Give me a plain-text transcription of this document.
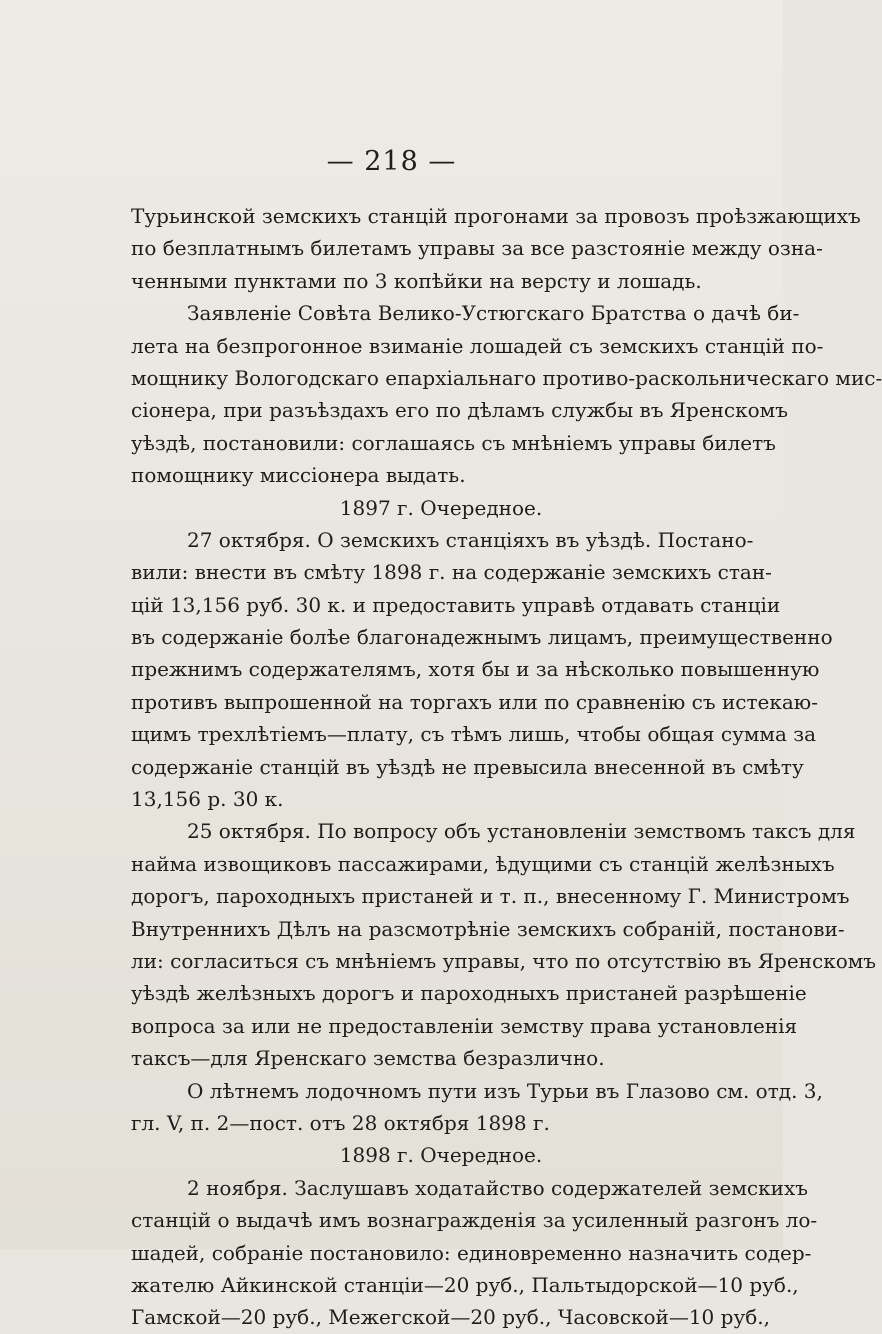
— 218 —
Турьинской земскихъ станцій прогонами за провозъ проѣзжающихъ
по безплатнымъ билетамъ управы за все разстояніе между озна-
ченными пунктами по 3 копѣйки на версту и лошадь.
Заявленіе Совѣта Велико-Устюгскаго Братства о дачѣ би-
лета на безпрогонное взиманіе лошадей съ земскихъ станцій по-
мощнику Вологодскаго епархіальнаго противо-раскольническаго мис-
сіонера, при разъѣздахъ его по дѣламъ службы въ Яренскомъ
уѣздѣ, постановили: соглашаясь съ мнѣніемъ управы билетъ
помощнику миссіонера выдать.
1897 г. Очередное.
27 октября. О земскихъ станціяхъ въ уѣздѣ. Постано-
вили: внести въ смѣту 1898 г. на содержаніе земскихъ стан-
цій 13,156 руб. 30 к. и предоставить управѣ отдавать станціи
въ содержаніе болѣе благонадежнымъ лицамъ, преимущественно
прежнимъ содержателямъ, хотя бы и за нѣсколько повышенную
противъ выпрошенной на торгахъ или по сравненію съ истекаю-
щимъ трехлѣтіемъ—плату, съ тѣмъ лишь, чтобы общая сумма за
содержаніе станцій въ уѣздѣ не превысила внесенной въ смѣту
13,156 р. 30 к.
25 октября. По вопросу объ установленіи земствомъ таксъ для
найма извощиковъ пассажирами, ѣдущими съ станцій желѣзныхъ
дорогъ, пароходныхъ пристаней и т. п., внесенному Г. Министромъ
Внутреннихъ Дѣлъ на разсмотрѣніе земскихъ собраній, постанови-
ли: согласиться съ мнѣніемъ управы, что по отсутствію въ Яренскомъ
уѣздѣ желѣзныхъ дорогъ и пароходныхъ пристаней разрѣшеніе
вопроса за или не предоставленіи земству права установленія
таксъ—для Яренскаго земства безразлично.
О лѣтнемъ лодочномъ пути изъ Турьи въ Глазово см. отд. 3,
гл. V, п. 2—пост. отъ 28 октября 1898 г.
1898 г. Очередное.
2 ноября. Заслушавъ ходатайство содержателей земскихъ
станцій о выдачѣ имъ вознагражденія за усиленный разгонъ ло-
шадей, собраніе постановило: единовременно назначить содер-
жателю Айкинской станціи—20 руб., Пальтыдорской—10 руб.,
Гамской—20 руб., Межегской—20 руб., Часовской—10 руб.,
